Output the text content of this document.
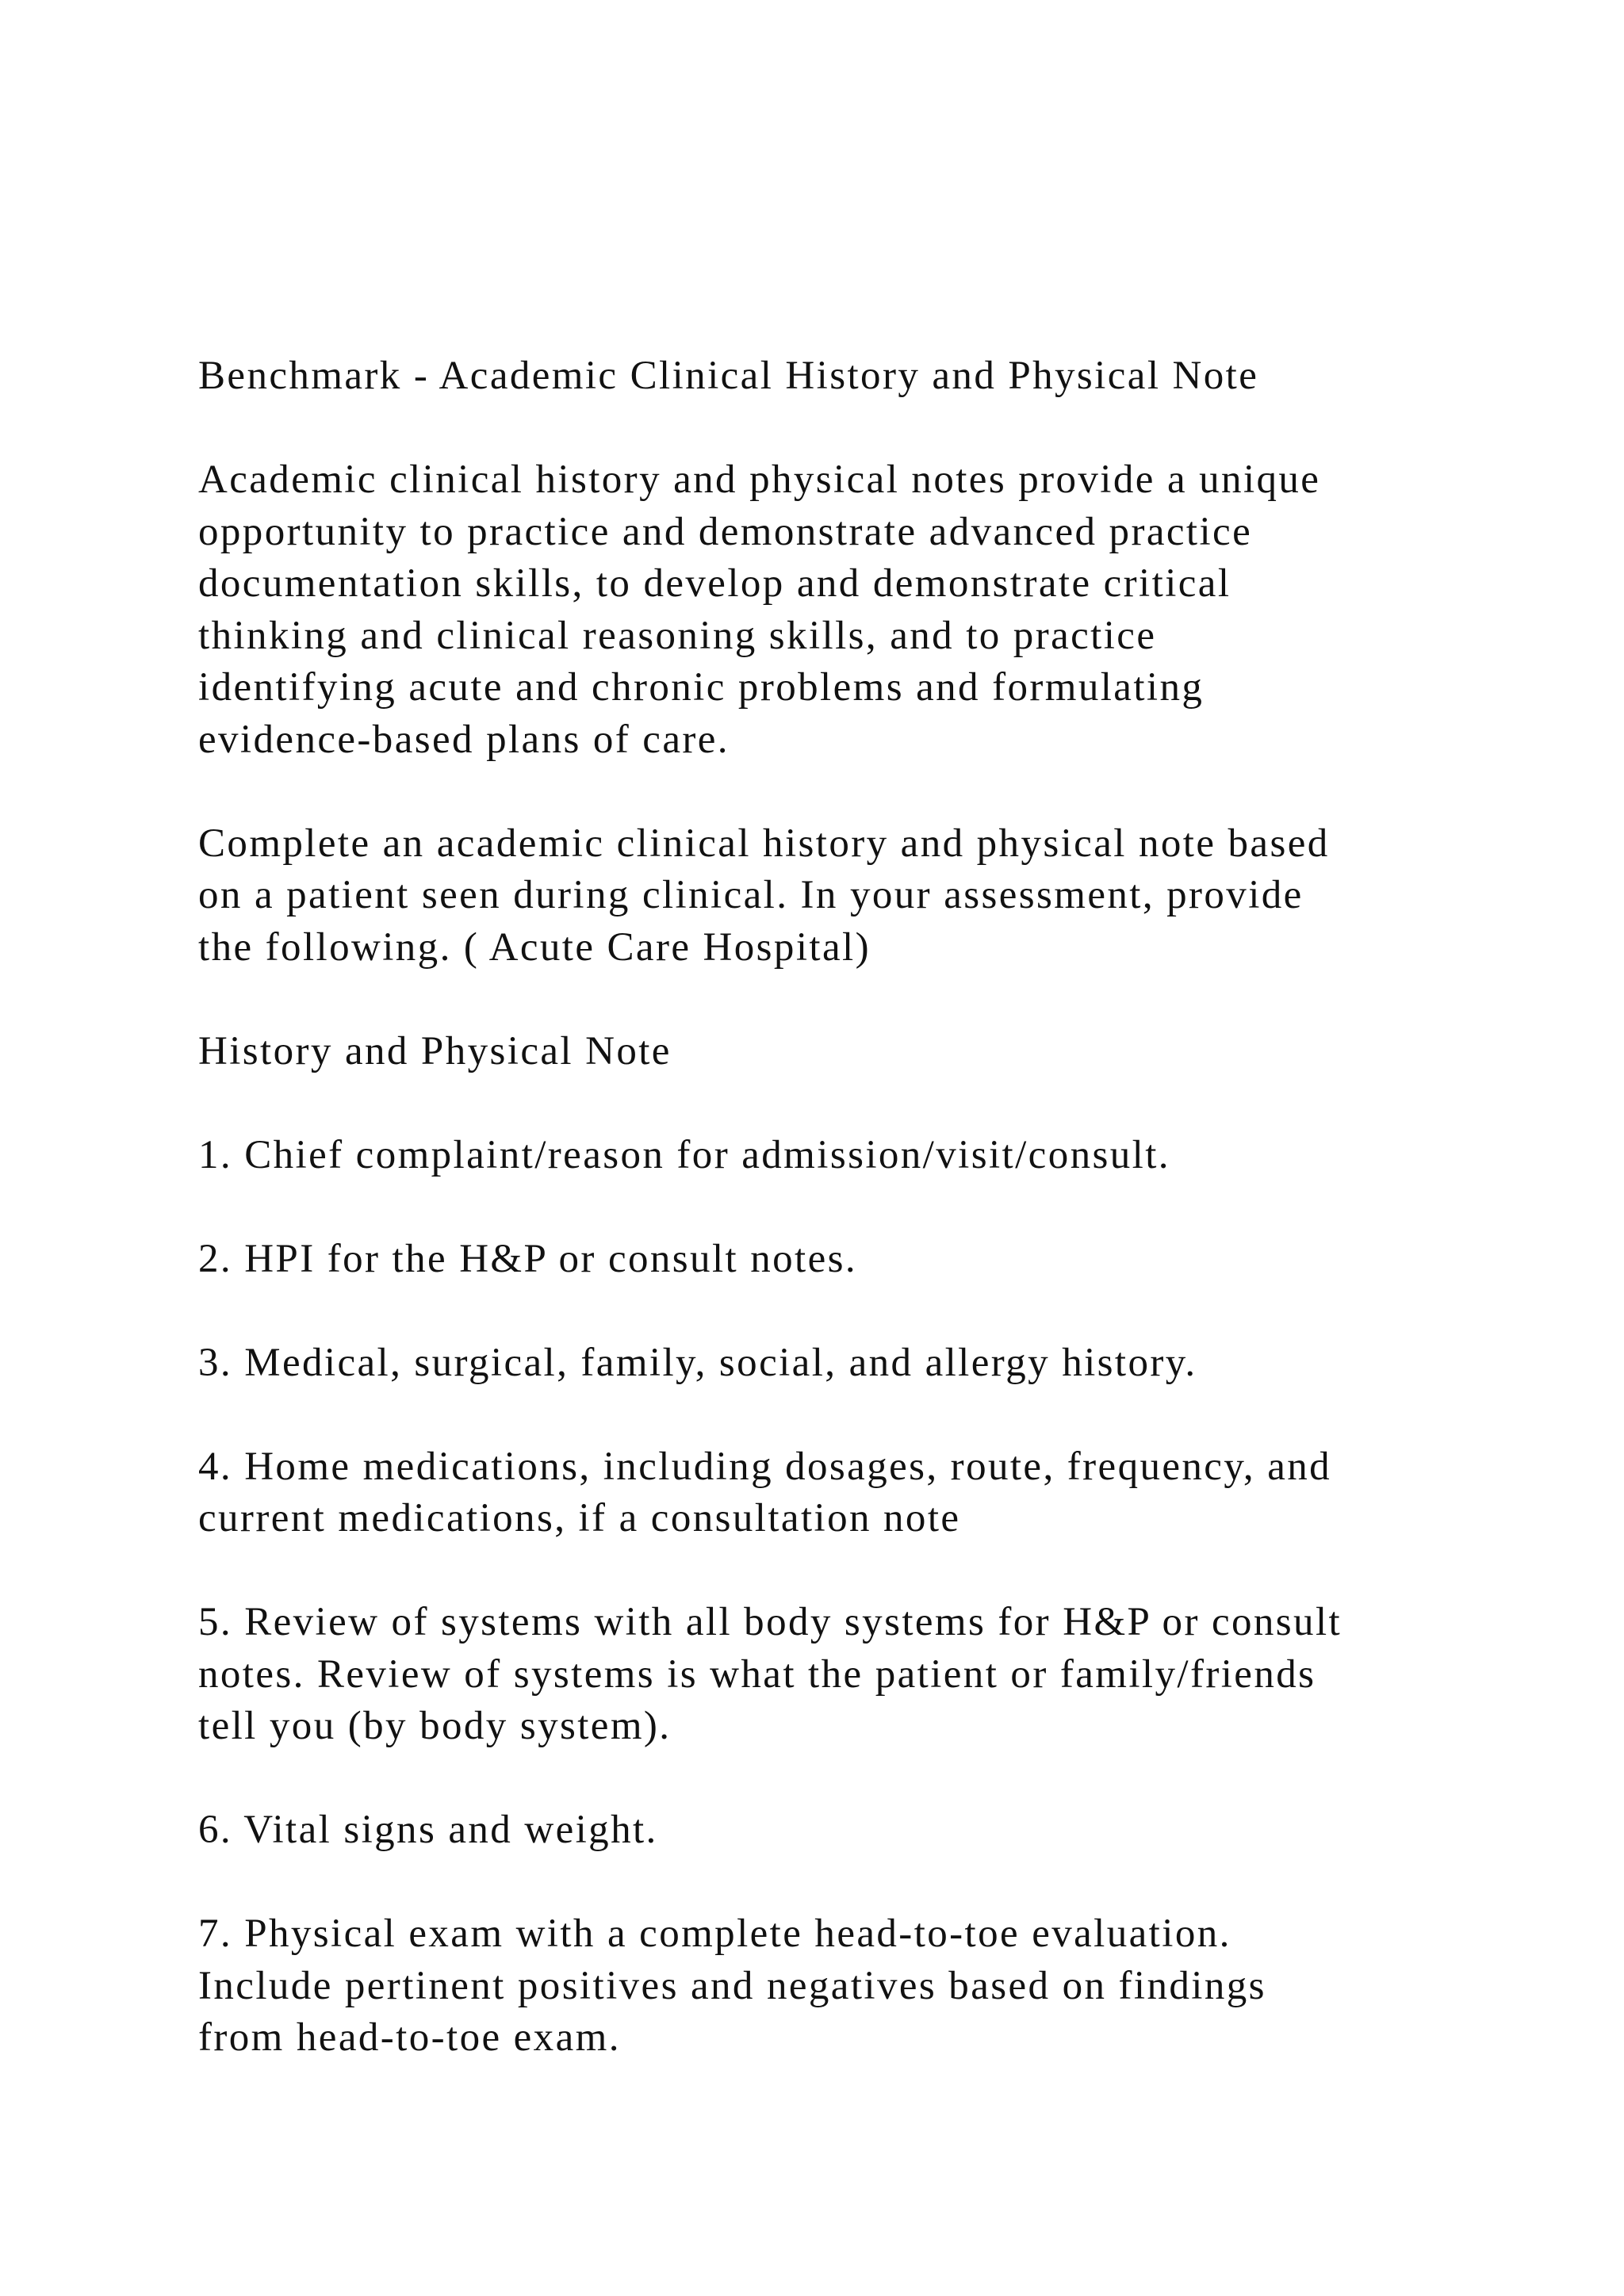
Benchmark - Academic Clinical History and Physical Note
Academic clinical history and physical notes provide a unique
opportunity to practice and demonstrate advanced practice
documentation skills, to develop and demonstrate critical
thinking and clinical reasoning skills, and to practice
identifying acute and chronic problems and formulating
evidence-based plans of care.
Complete an academic clinical history and physical note based
on a patient seen during clinical. In your assessment, provide
the following. ( Acute Care Hospital)
History and Physical Note
1. Chief complaint/reason for admission/visit/consult.
2. HPI for the H&P or consult notes.
3. Medical, surgical, family, social, and allergy history.
4. Home medications, including dosages, route, frequency, and
current medications, if a consultation note
5. Review of systems with all body systems for H&P or consult
notes. Review of systems is what the patient or family/friends
tell you (by body system).
6. Vital signs and weight.
7. Physical exam with a complete head-to-toe evaluation.
Include pertinent positives and negatives based on findings
from head-to-toe exam.
